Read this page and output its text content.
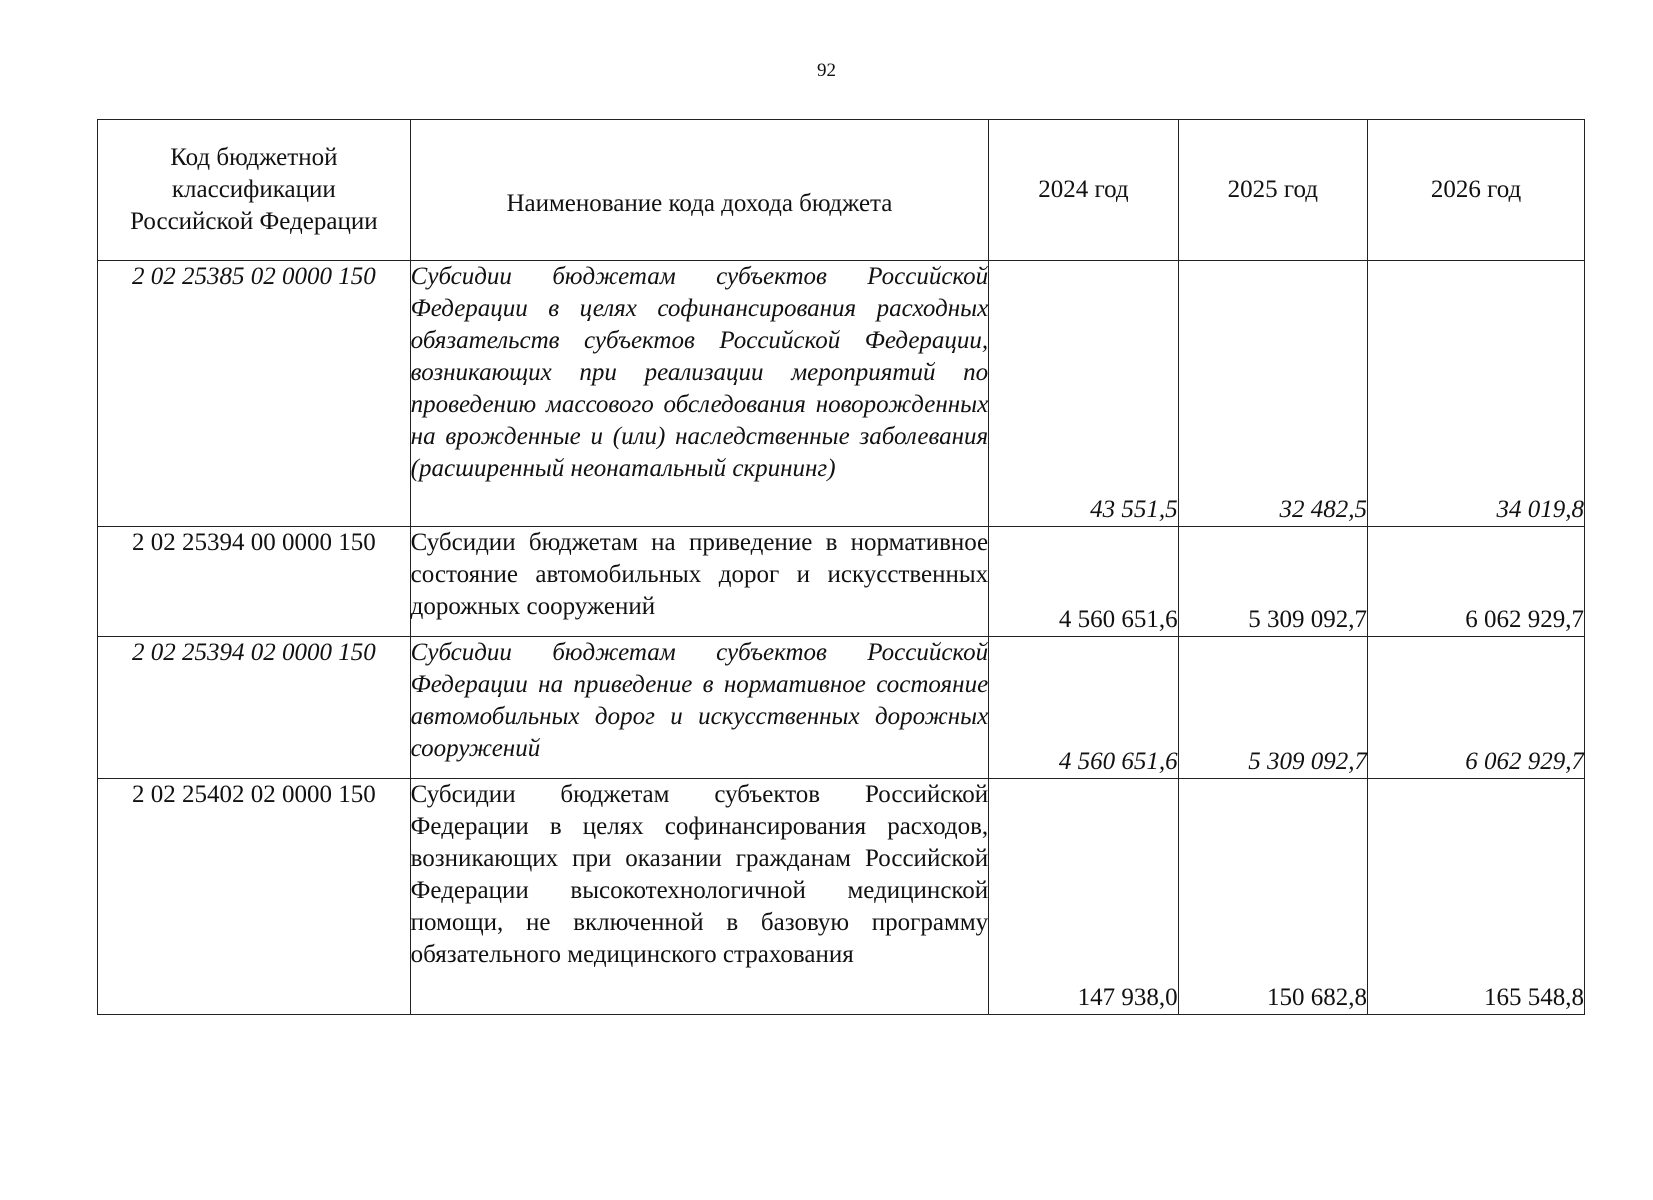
92
Код бюджетной
классификации
Российской Федерации	Наименование кода дохода бюджета	2024 год	2025 год	2026 год
2 02 25385 02 0000 150	Субсидии бюджетам субъектов Российской Федерации в целях софинансирования расходных обязательств субъектов Российской Федерации, возникающих при реализации мероприятий по проведению массового обследования новорожденных на врожденные и (или) наследственные заболевания (расширенный неонатальный скрининг)	43 551,5	32 482,5	34 019,8
2 02 25394 00 0000 150	Субсидии бюджетам на приведение в нормативное состояние автомобильных дорог и искусственных дорожных сооружений	4 560 651,6	5 309 092,7	6 062 929,7
2 02 25394 02 0000 150	Субсидии бюджетам субъектов Российской Федерации на приведение в нормативное состояние автомобильных дорог и искусственных дорожных сооружений	4 560 651,6	5 309 092,7	6 062 929,7
2 02 25402 02 0000 150	Субсидии бюджетам субъектов Российской Федерации в целях софинансирования расходов, возникающих при оказании гражданам Российской Федерации высокотехнологичной медицинской помощи, не включенной в базовую программу обязательного медицинского страхования	147 938,0	150 682,8	165 548,8
